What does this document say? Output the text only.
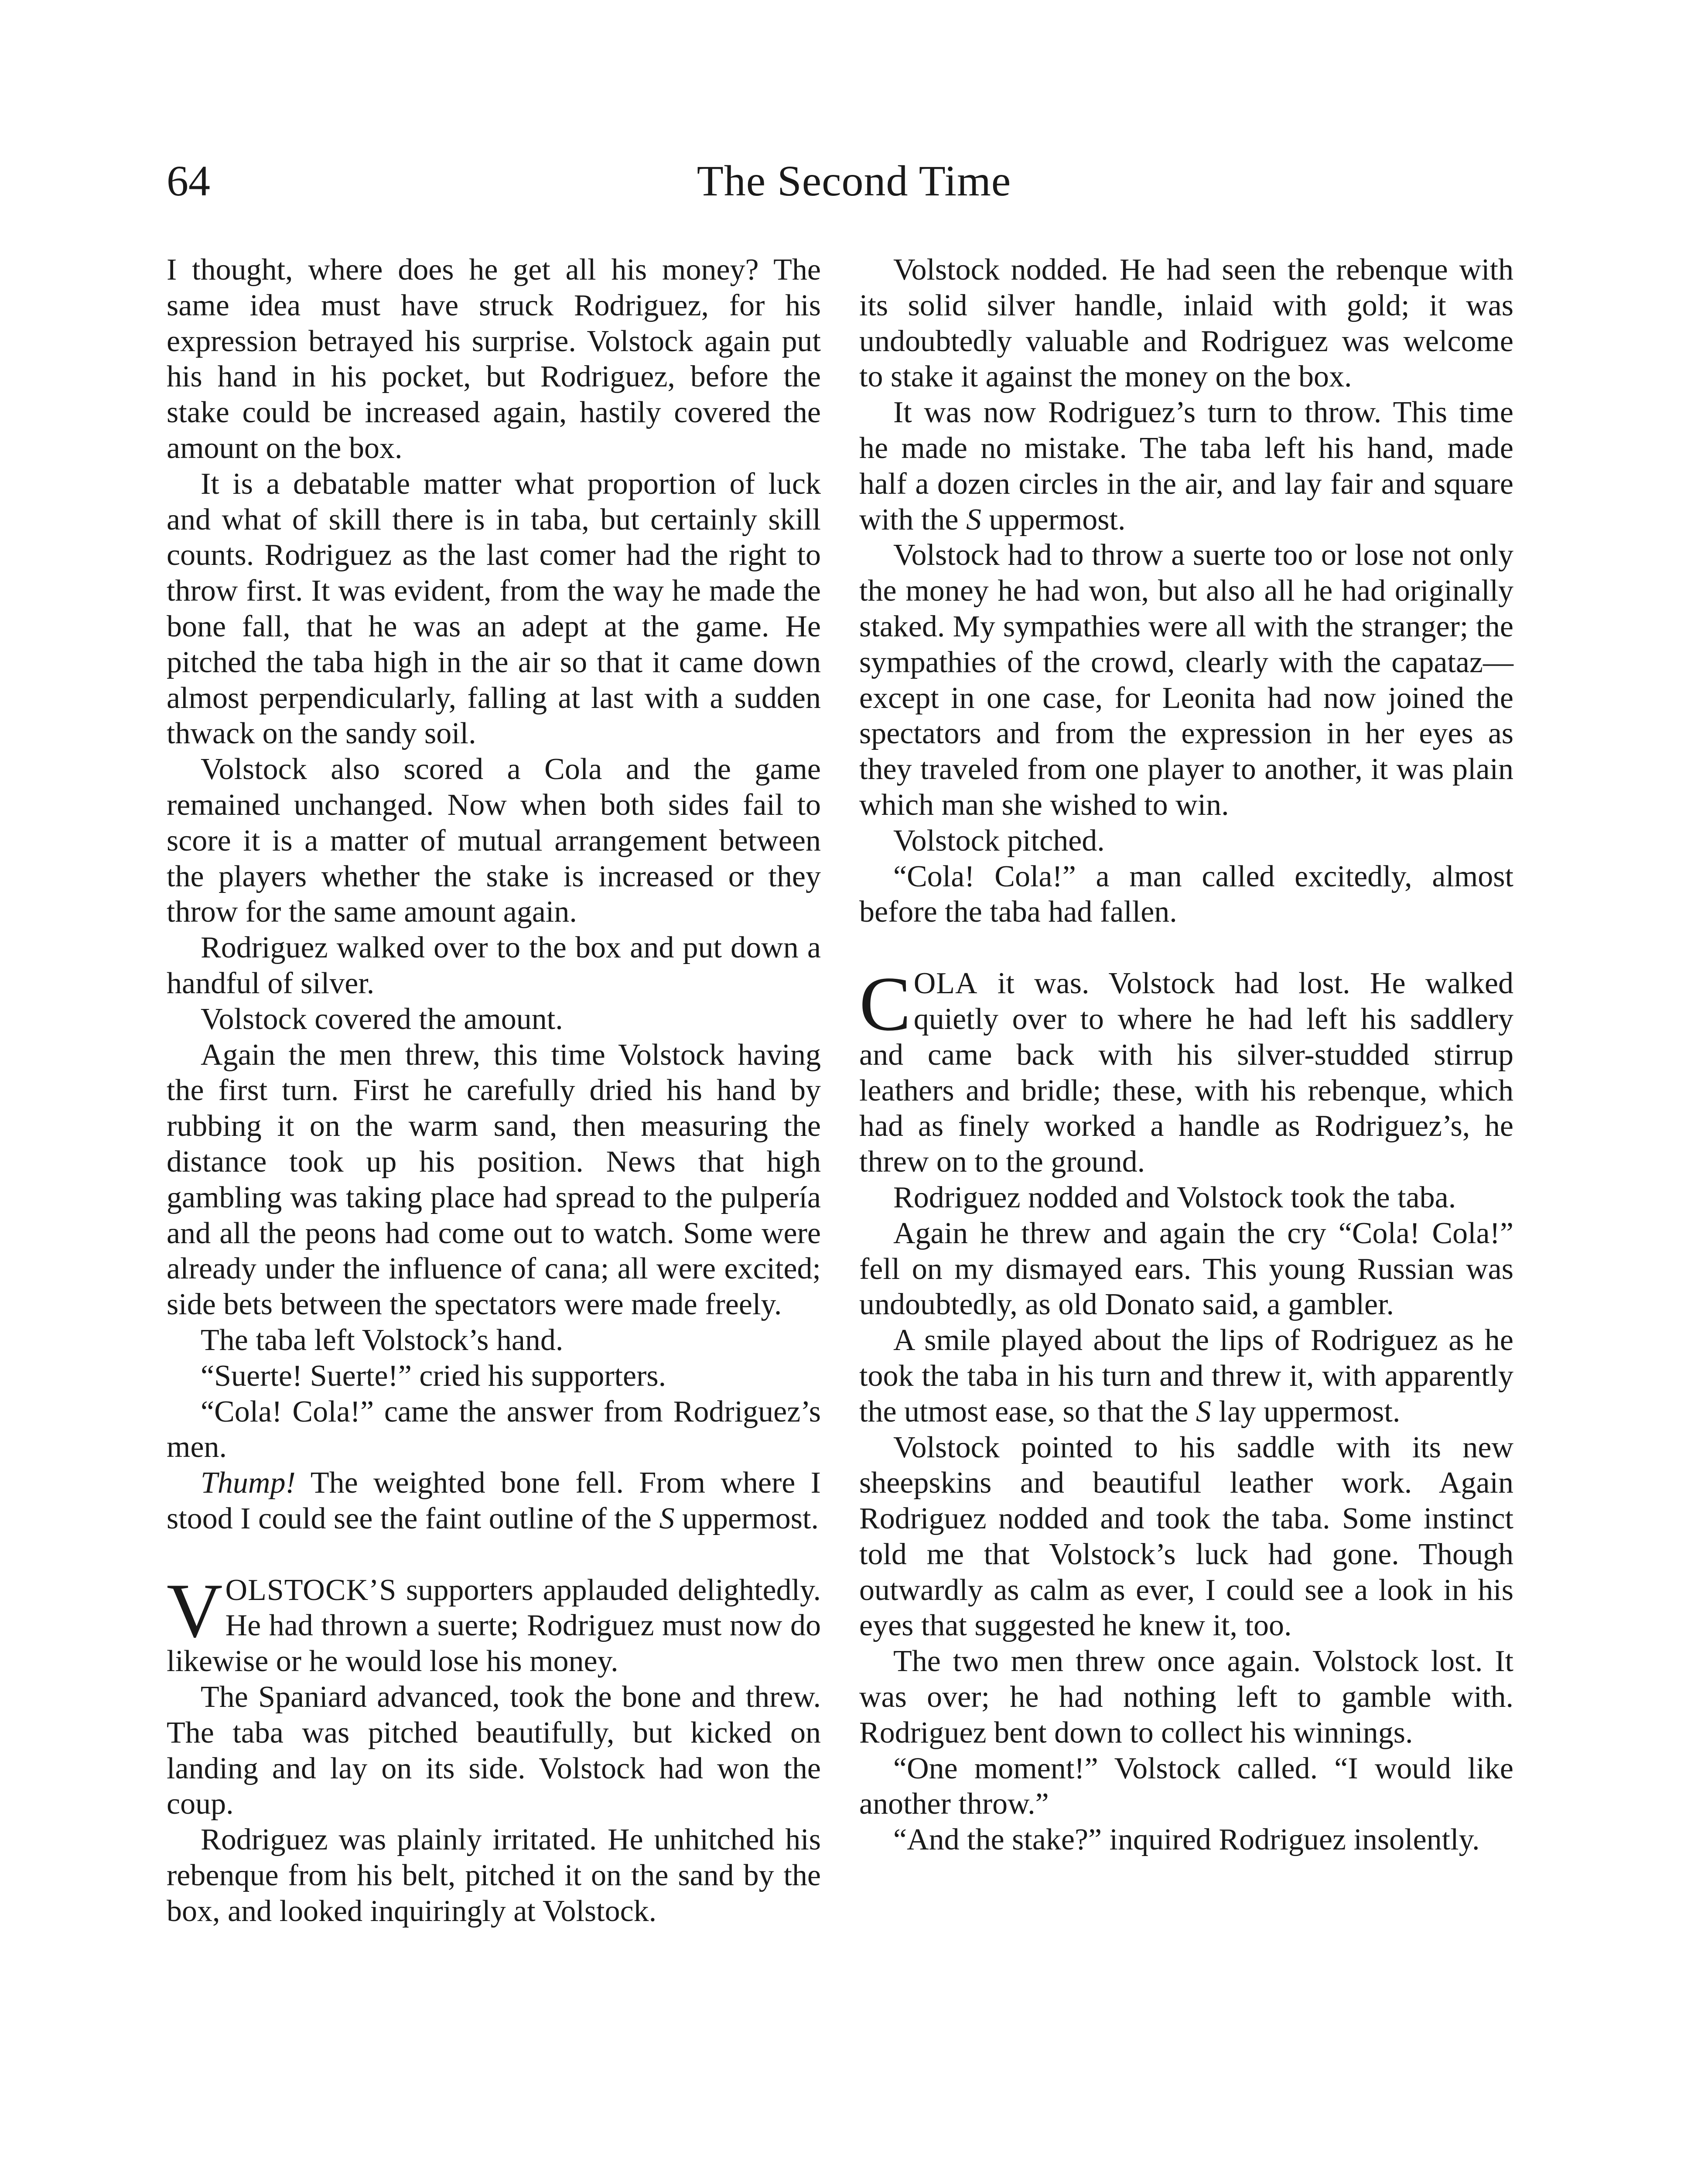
64	The Second Time

I thought, where does he get all his money? The same idea must have struck Rodriguez, for his expression betrayed his surprise. Volstock again put his hand in his pocket, but Rodriguez, before the stake could be increased again, hastily covered the amount on the box.

It is a debatable matter what proportion of luck and what of skill there is in taba, but certainly skill counts. Rodriguez as the last comer had the right to throw first. It was evident, from the way he made the bone fall, that he was an adept at the game. He pitched the taba high in the air so that it came down almost perpendicularly, falling at last with a sudden thwack on the sandy soil.

Volstock also scored a Cola and the game remained unchanged. Now when both sides fail to score it is a matter of mutual arrangement between the players whether the stake is increased or they throw for the same amount again.

Rodriguez walked over to the box and put down a handful of silver.

Volstock covered the amount.

Again the men threw, this time Volstock having the first turn. First he carefully dried his hand by rubbing it on the warm sand, then measuring the distance took up his position. News that high gambling was taking place had spread to the pulpería and all the peons had come out to watch. Some were already under the influence of cana; all were excited; side bets between the spectators were made freely.

The taba left Volstock’s hand.

“Suerte! Suerte!” cried his supporters.

“Cola! Cola!” came the answer from Rodriguez’s men.

Thump! The weighted bone fell. From where I stood I could see the faint outline of the S uppermost.

VOLSTOCK’S supporters applauded delightedly. He had thrown a suerte; Rodriguez must now do likewise or he would lose his money.

The Spaniard advanced, took the bone and threw. The taba was pitched beautifully, but kicked on landing and lay on its side. Volstock had won the coup.

Rodriguez was plainly irritated. He unhitched his rebenque from his belt, pitched it on the sand by the box, and looked inquiringly at Volstock.

Volstock nodded. He had seen the rebenque with its solid silver handle, inlaid with gold; it was undoubtedly valuable and Rodriguez was welcome to stake it against the money on the box.

It was now Rodriguez’s turn to throw. This time he made no mistake. The taba left his hand, made half a dozen circles in the air, and lay fair and square with the S uppermost.

Volstock had to throw a suerte too or lose not only the money he had won, but also all he had originally staked. My sympathies were all with the stranger; the sympathies of the crowd, clearly with the capataz—except in one case, for Leonita had now joined the spectators and from the expression in her eyes as they traveled from one player to another, it was plain which man she wished to win.

Volstock pitched.

“Cola! Cola!” a man called excitedly, almost before the taba had fallen.

COLA it was. Volstock had lost. He walked quietly over to where he had left his saddlery and came back with his silver-studded stirrup leathers and bridle; these, with his rebenque, which had as finely worked a handle as Rodriguez’s, he threw on to the ground.

Rodriguez nodded and Volstock took the taba.

Again he threw and again the cry “Cola! Cola!” fell on my dismayed ears. This young Russian was undoubtedly, as old Donato said, a gambler.

A smile played about the lips of Rodriguez as he took the taba in his turn and threw it, with apparently the utmost ease, so that the S lay uppermost.

Volstock pointed to his saddle with its new sheepskins and beautiful leather work. Again Rodriguez nodded and took the taba. Some instinct told me that Volstock’s luck had gone. Though outwardly as calm as ever, I could see a look in his eyes that suggested he knew it, too.

The two men threw once again. Volstock lost. It was over; he had nothing left to gamble with. Rodriguez bent down to collect his winnings.

“One moment!” Volstock called. “I would like another throw.”

“And the stake?” inquired Rodriguez insolently.
